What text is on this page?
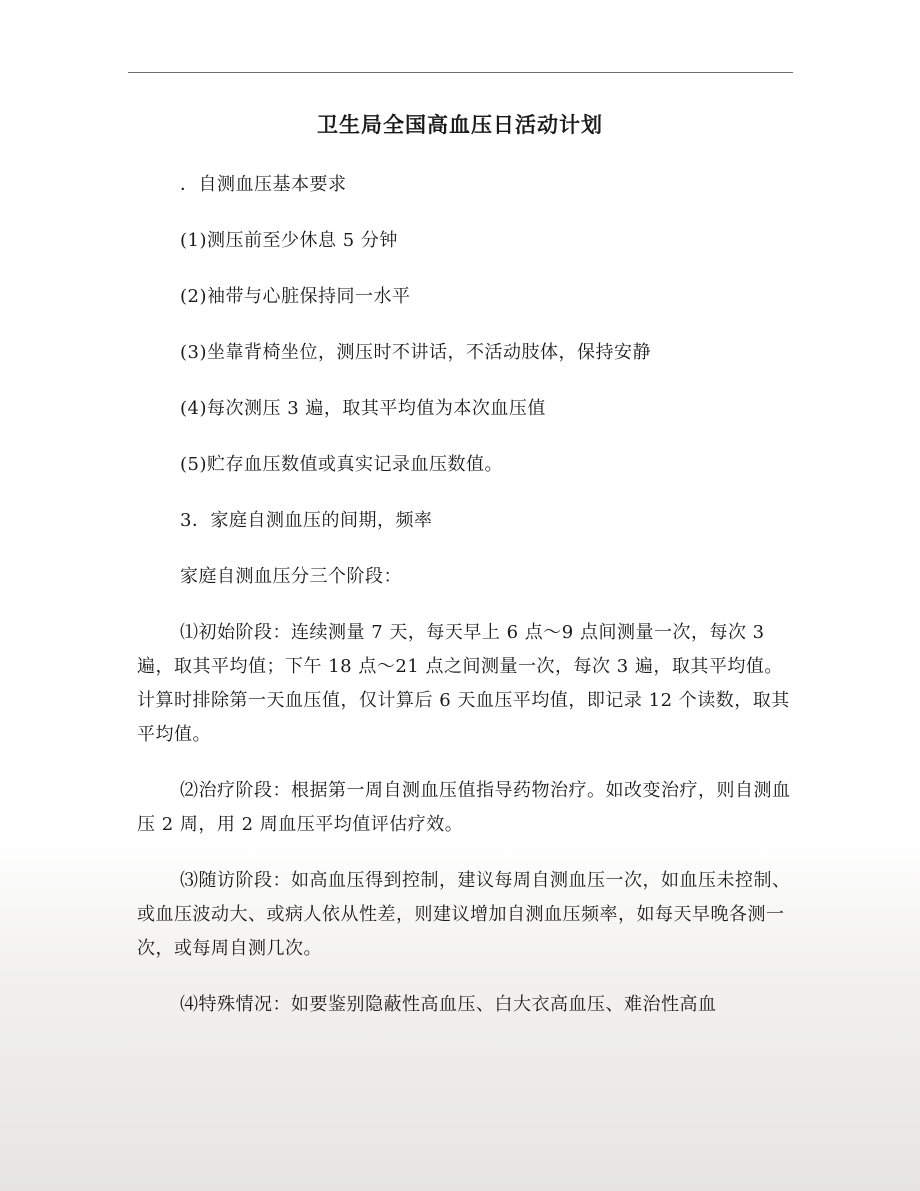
卫生局全国高血压日活动计划

．自测血压基本要求

(1)测压前至少休息 5 分钟

(2)袖带与心脏保持同一水平

(3)坐靠背椅坐位，测压时不讲话，不活动肢体，保持安静

(4)每次测压 3 遍，取其平均值为本次血压值

(5)贮存血压数值或真实记录血压数值。

3．家庭自测血压的间期，频率

家庭自测血压分三个阶段：

⑴初始阶段：连续测量 7 天，每天早上 6 点～9 点间测量一次，每次 3 遍，取其平均值；下午 18 点～21 点之间测量一次，每次 3 遍，取其平均值。计算时排除第一天血压值，仅计算后 6 天血压平均值，即记录 12 个读数，取其平均值。

⑵治疗阶段：根据第一周自测血压值指导药物治疗。如改变治疗，则自测血压 2 周，用 2 周血压平均值评估疗效。

⑶随访阶段：如高血压得到控制，建议每周自测血压一次，如血压未控制、或血压波动大、或病人依从性差，则建议增加自测血压频率，如每天早晚各测一次，或每周自测几次。

⑷特殊情况：如要鉴别隐蔽性高血压、白大衣高血压、难治性高血
